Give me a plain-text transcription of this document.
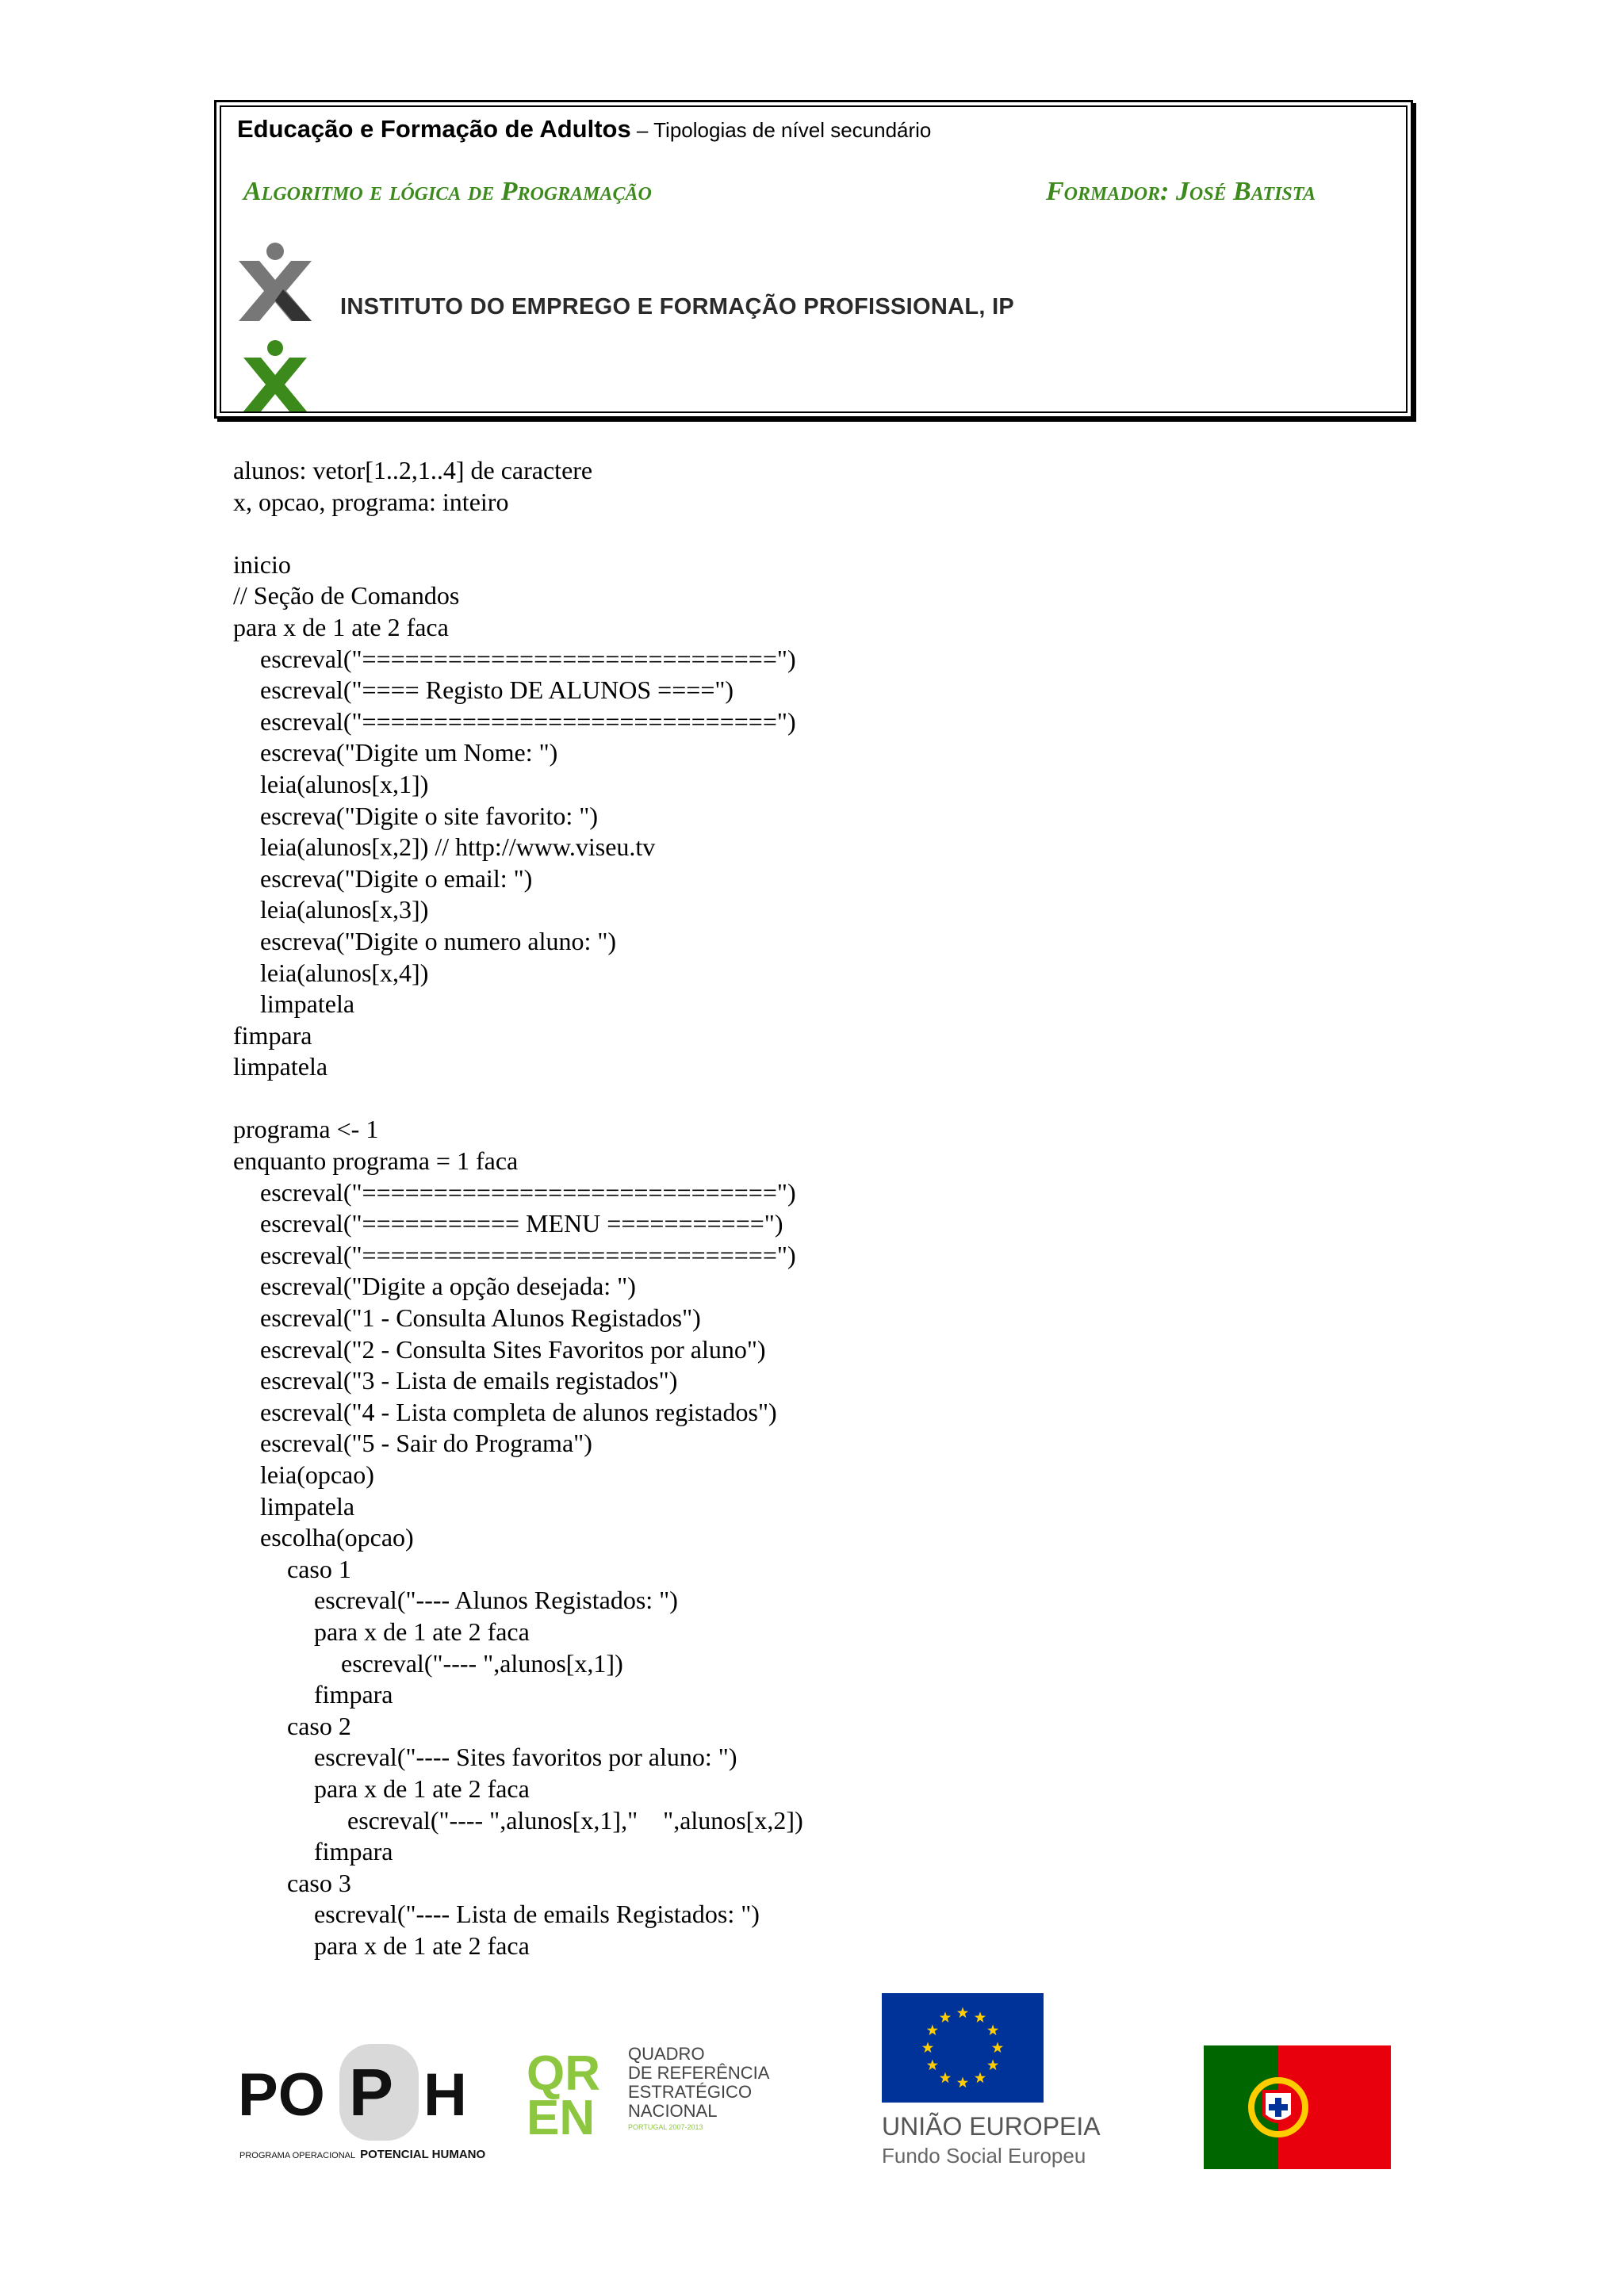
Educação e Formação de Adultos – Tipologias de nível secundário
Algoritmo e lógica de Programação	Formador: José Batista
INSTITUTO DO EMPREGO E FORMAÇÃO PROFISSIONAL, IP
alunos: vetor[1..2,1..4] de caractere
x, opcao, programa: inteiro
inicio
// Seção de Comandos
para x de 1 ate 2 faca
escreval("=============================")
escreval("==== Registo DE ALUNOS ====")
escreval("=============================")
escreva("Digite um Nome: ")
leia(alunos[x,1])
escreva("Digite o site favorito: ")
leia(alunos[x,2]) // http://www.viseu.tv
escreva("Digite o email: ")
leia(alunos[x,3])
escreva("Digite o numero aluno: ")
leia(alunos[x,4])
limpatela
fimpara
limpatela
programa <- 1
enquanto programa = 1 faca
escreval("=============================")
escreval("=========== MENU ===========")
escreval("=============================")
escreval("Digite a opção desejada: ")
escreval("1 - Consulta Alunos Registados")
escreval("2 - Consulta Sites Favoritos por aluno")
escreval("3 - Lista de emails registados")
escreval("4 - Lista completa de alunos registados")
escreval("5 - Sair do Programa")
leia(opcao)
limpatela
escolha(opcao)
caso 1
escreval("---- Alunos Registados: ")
para x de 1 ate 2 faca
escreval("---- ",alunos[x,1])
fimpara
caso 2
escreval("---- Sites favoritos por aluno: ")
para x de 1 ate 2 faca
escreval("---- ",alunos[x,1],"    ",alunos[x,2])
fimpara
caso 3
escreval("---- Lista de emails Registados: ")
para x de 1 ate 2 faca
PO P H
PROGRAMA OPERACIONAL POTENCIAL HUMANO
QR
EN
QUADRO
DE REFERÊNCIA
ESTRATÉGICO
NACIONAL
PORTUGAL 2007-2013	UNIÃO EUROPEIA
Fundo Social Europeu
